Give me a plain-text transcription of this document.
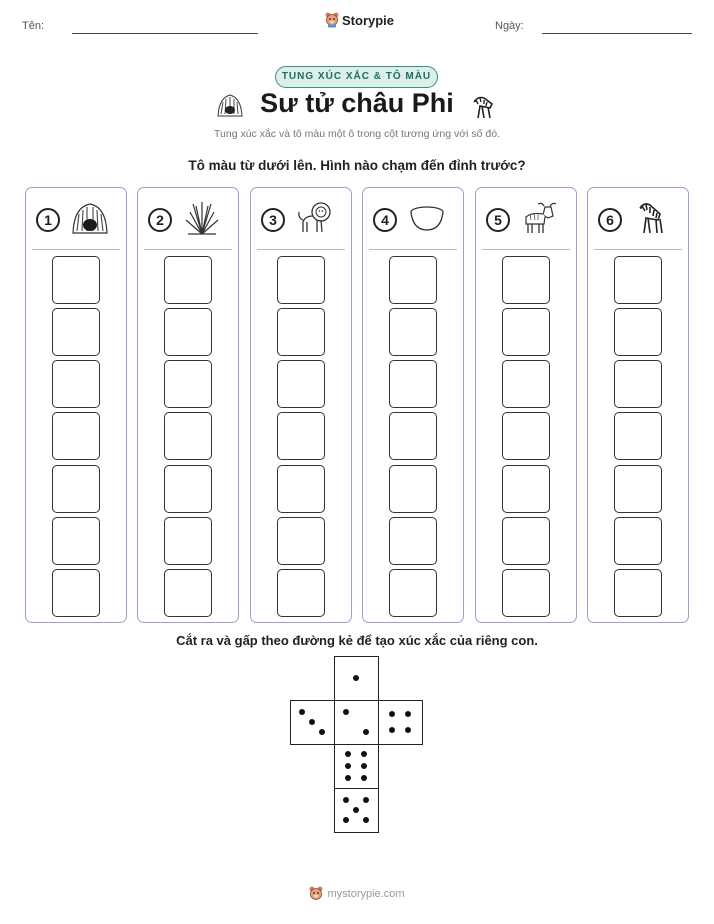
Tên:	Storypie	Ngày:
TUNG XÚC XẮC & TÔ MÀU
Sư tử châu Phi
Tung xúc xắc và tô màu một ô trong cột tương ứng với số đó.
Tô màu từ dưới lên. Hình nào chạm đến đỉnh trước?
1	2	3	4	5	6
Cắt ra và gấp theo đường kẻ để tạo xúc xắc của riêng con.
mystorypie.com
